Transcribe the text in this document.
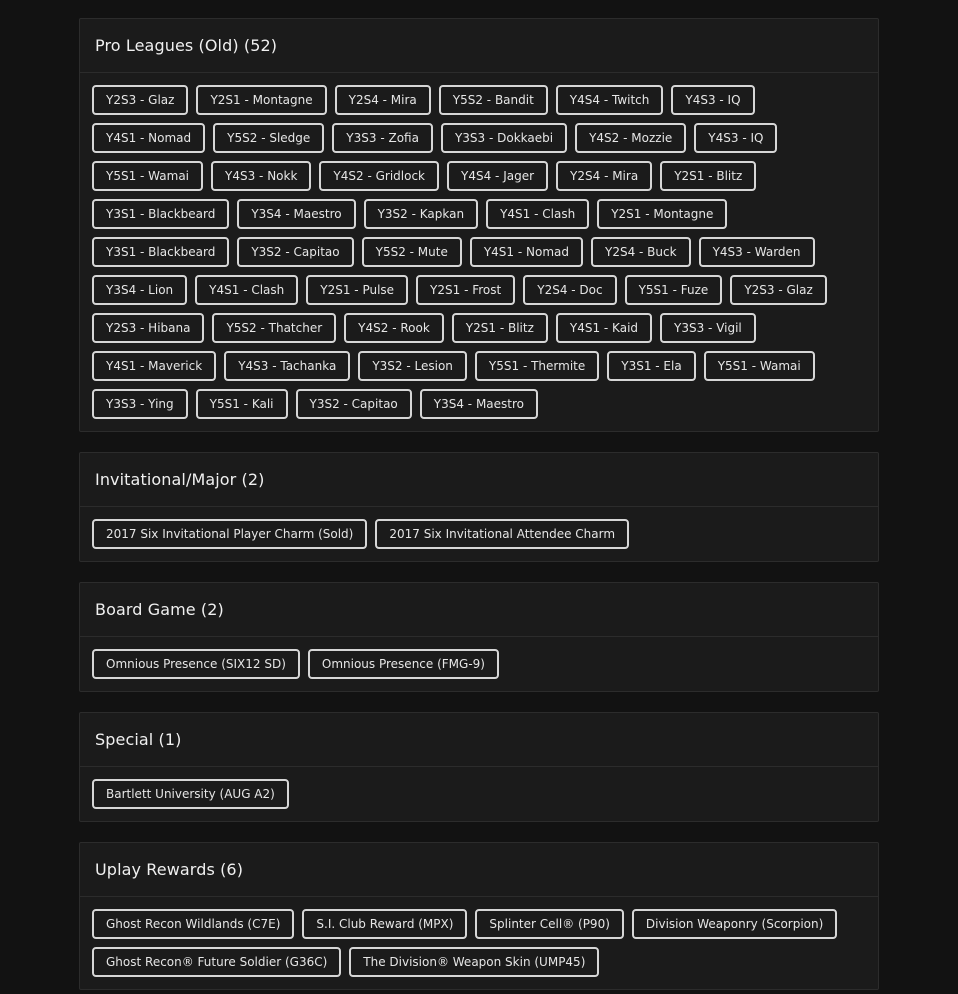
Pro Leagues (Old) (52)
Y2S3 - Glaz	Y2S1 - Montagne	Y2S4 - Mira	Y5S2 - Bandit	Y4S4 - Twitch	Y4S3 - IQ
Y4S1 - Nomad	Y5S2 - Sledge	Y3S3 - Zofia	Y3S3 - Dokkaebi	Y4S2 - Mozzie	Y4S3 - IQ
Y5S1 - Wamai	Y4S3 - Nokk	Y4S2 - Gridlock	Y4S4 - Jager	Y2S4 - Mira	Y2S1 - Blitz
Y3S1 - Blackbeard	Y3S4 - Maestro	Y3S2 - Kapkan	Y4S1 - Clash	Y2S1 - Montagne
Y3S1 - Blackbeard	Y3S2 - Capitao	Y5S2 - Mute	Y4S1 - Nomad	Y2S4 - Buck	Y4S3 - Warden
Y3S4 - Lion	Y4S1 - Clash	Y2S1 - Pulse	Y2S1 - Frost	Y2S4 - Doc	Y5S1 - Fuze	Y2S3 - Glaz
Y2S3 - Hibana	Y5S2 - Thatcher	Y4S2 - Rook	Y2S1 - Blitz	Y4S1 - Kaid	Y3S3 - Vigil
Y4S1 - Maverick	Y4S3 - Tachanka	Y3S2 - Lesion	Y5S1 - Thermite	Y3S1 - Ela	Y5S1 - Wamai
Y3S3 - Ying	Y5S1 - Kali	Y3S2 - Capitao	Y3S4 - Maestro
Invitational/Major (2)
2017 Six Invitational Player Charm (Sold)	2017 Six Invitational Attendee Charm
Board Game (2)
Omnious Presence (SIX12 SD)	Omnious Presence (FMG-9)
Special (1)
Bartlett University (AUG A2)
Uplay Rewards (6)
Ghost Recon Wildlands (C7E)	S.I. Club Reward (MPX)	Splinter Cell® (P90)	Division Weaponry (Scorpion)
Ghost Recon® Future Soldier (G36C)	The Division® Weapon Skin (UMP45)
